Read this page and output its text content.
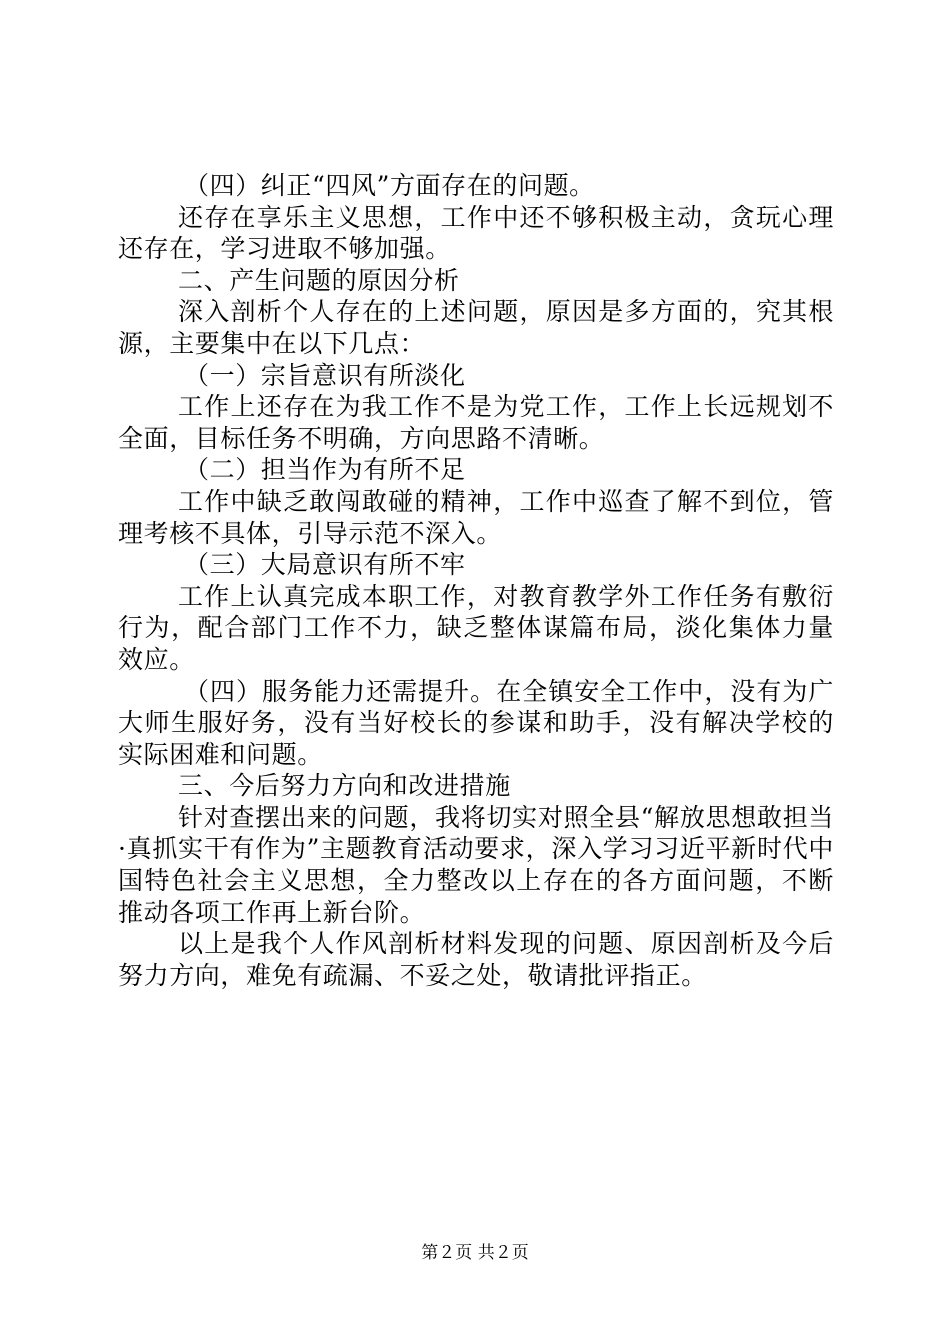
（四）纠正“四风”方面存在的问题。

还存在享乐主义思想，工作中还不够积极主动，贪玩心理还存在，学习进取不够加强。

二、产生问题的原因分析

深入剖析个人存在的上述问题，原因是多方面的，究其根源，主要集中在以下几点：

（一）宗旨意识有所淡化

工作上还存在为我工作不是为党工作，工作上长远规划不全面，目标任务不明确，方向思路不清晰。

（二）担当作为有所不足

工作中缺乏敢闯敢碰的精神，工作中巡查了解不到位，管理考核不具体，引导示范不深入。

（三）大局意识有所不牢

工作上认真完成本职工作，对教育教学外工作任务有敷衍行为，配合部门工作不力，缺乏整体谋篇布局，淡化集体力量效应。

（四）服务能力还需提升。在全镇安全工作中，没有为广大师生服好务，没有当好校长的参谋和助手，没有解决学校的实际困难和问题。

三、今后努力方向和改进措施

针对查摆出来的问题，我将切实对照全县“解放思想敢担当·真抓实干有作为”主题教育活动要求，深入学习习近平新时代中国特色社会主义思想，全力整改以上存在的各方面问题，不断推动各项工作再上新台阶。

以上是我个人作风剖析材料发现的问题、原因剖析及今后努力方向，难免有疏漏、不妥之处，敬请批评指正。

第２页 共２页
